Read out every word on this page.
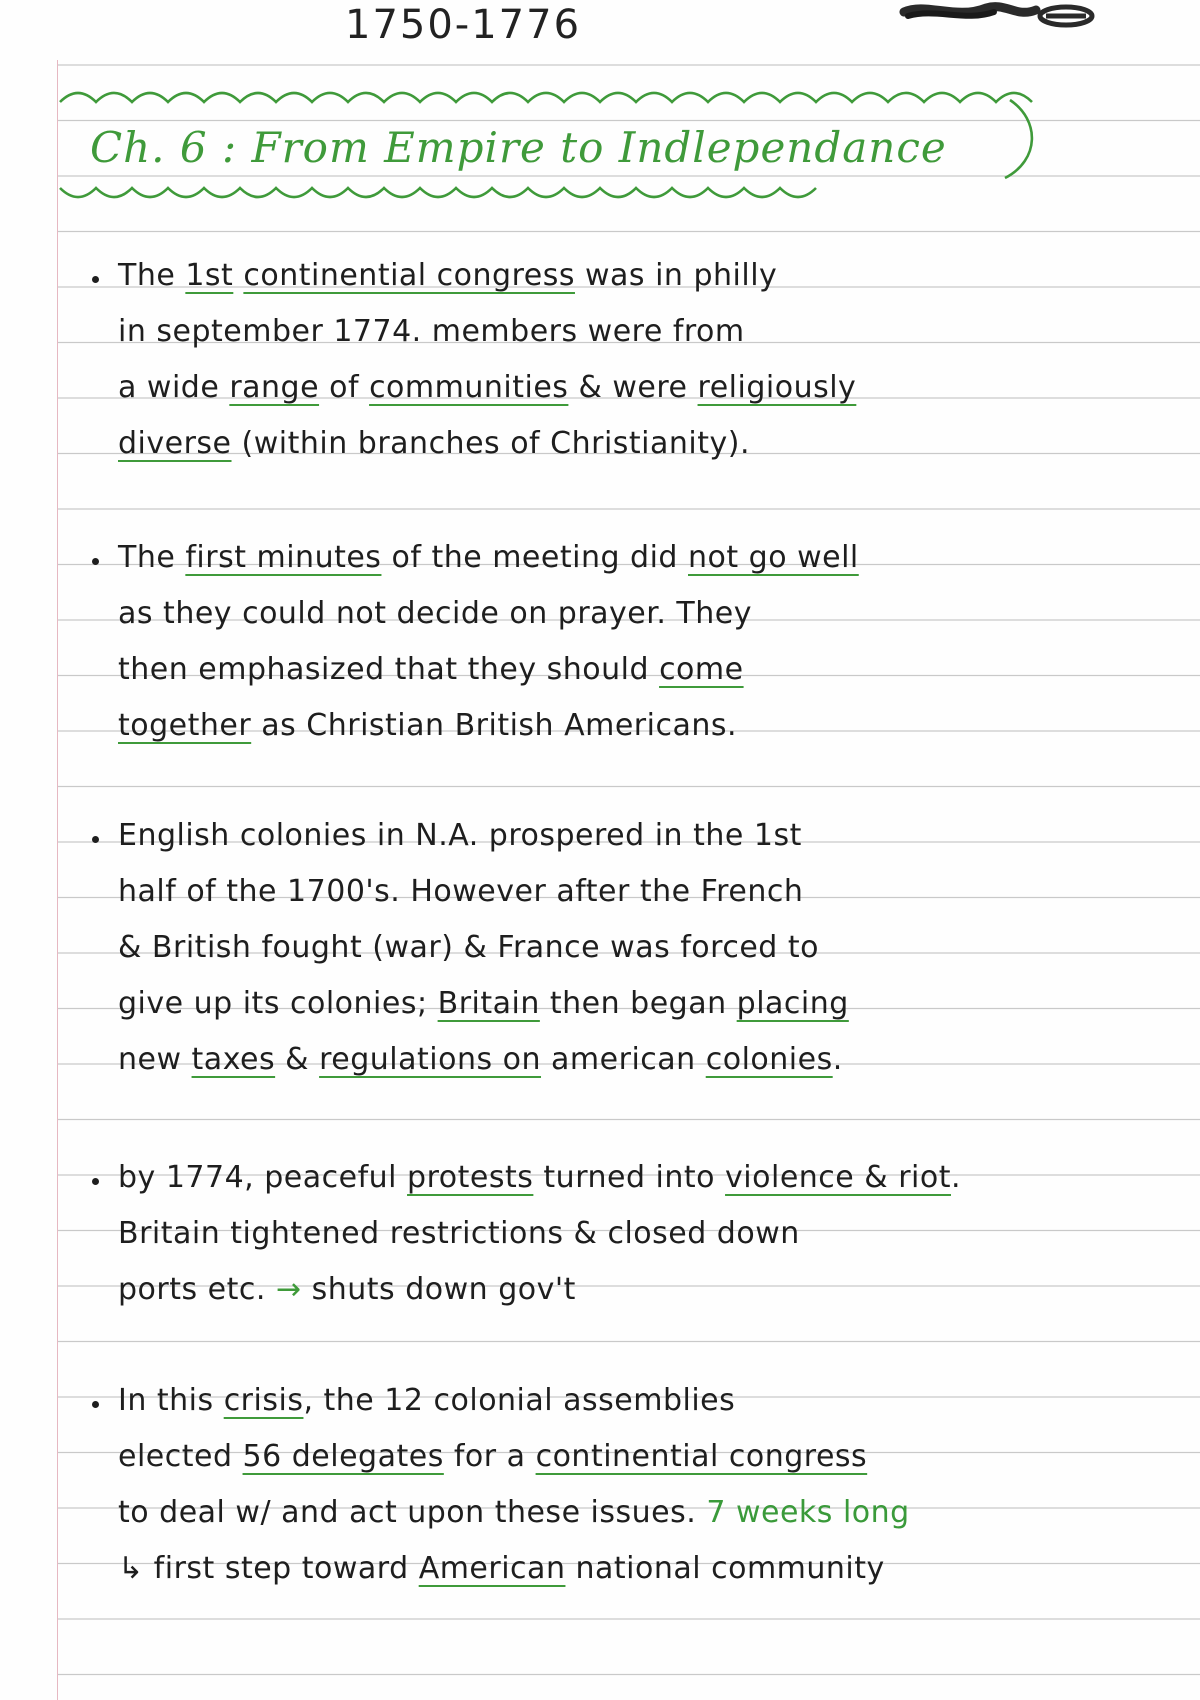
1750-1776
Ch. 6 : From Empire to Indlependance
The 1st continential congress was in philly
in september 1774. members were from
a wide range of communities & were religiously
diverse (within branches of Christianity).
The first minutes of the meeting did not go well
as they could not decide on prayer. They
then emphasized that they should come
together as Christian British Americans.
English colonies in N.A. prospered in the 1st
half of the 1700's. However after the French
& British fought (war) & France was forced to
give up its colonies; Britain then began placing
new taxes & regulations on american colonies.
by 1774, peaceful protests turned into violence & riot.
Britain tightened restrictions & closed down
ports etc. → shuts down gov't
In this crisis, the 12 colonial assemblies
elected 56 delegates for a continential congress
to deal w/ and act upon these issues. 7 weeks long
↳ first step toward American national community
